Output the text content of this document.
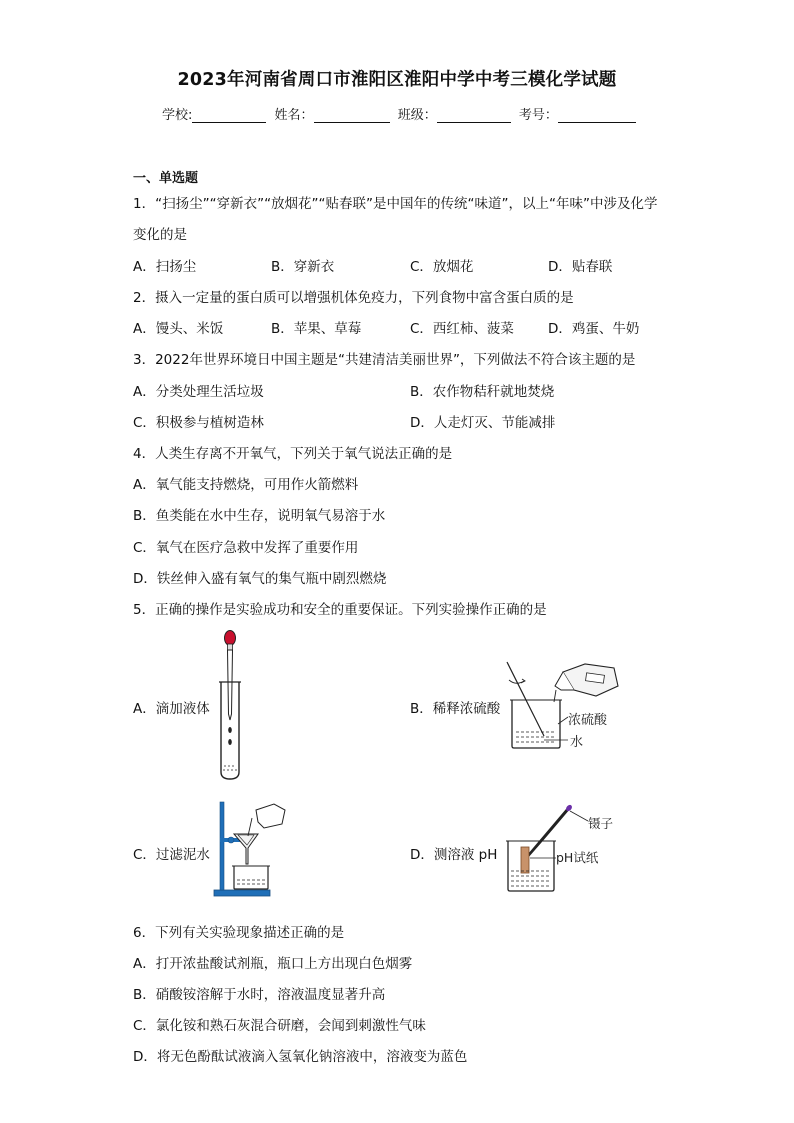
2023年河南省周口市淮阳区淮阳中学中考三模化学试题
学校:	姓名：	班级：	考号：
一、单选题
1．“扫扬尘”“穿新衣”“放烟花”“贴春联”是中国年的传统“味道”，以上“年味”中涉及化学
变化的是
A．扫扬尘	B．穿新衣	C．放烟花	D．贴春联
2．摄入一定量的蛋白质可以增强机体免疫力，下列食物中富含蛋白质的是
A．馒头、米饭	B．苹果、草莓	C．西红柿、菠菜	D．鸡蛋、牛奶
3．2022年世界环境日中国主题是“共建清洁美丽世界”，下列做法不符合该主题的是
A．分类处理生活垃圾	B．农作物秸秆就地焚烧
C．积极参与植树造林	D．人走灯灭、节能减排
4．人类生存离不开氧气，下列关于氧气说法正确的是
A．氧气能支持燃烧，可用作火箭燃料
B．鱼类能在水中生存，说明氧气易溶于水
C．氧气在医疗急救中发挥了重要作用
D．铁丝伸入盛有氧气的集气瓶中剧烈燃烧
5．正确的操作是实验成功和安全的重要保证。下列实验操作正确的是
A．滴加液体	B．稀释浓硫酸
C．过滤泥水	D．测溶液 pH
浓硫酸
水
镊子
pH试纸
6．下列有关实验现象描述正确的是
A．打开浓盐酸试剂瓶，瓶口上方出现白色烟雾
B．硝酸铵溶解于水时，溶液温度显著升高
C．氯化铵和熟石灰混合研磨，会闻到刺激性气味
D．将无色酚酞试液滴入氢氧化钠溶液中，溶液变为蓝色
